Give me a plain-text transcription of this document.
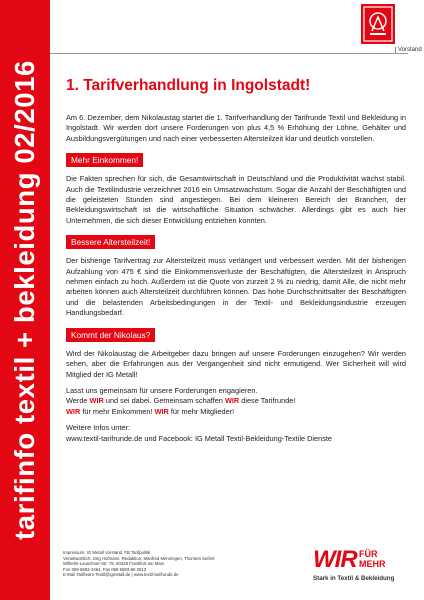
tarifinfo textil + bekleidung 02/2016
Vorstand
1. Tarifverhandlung in Ingolstadt!

Am 6. Dezember, dem Nikolaustag startet die 1. Tarifverhandlung der Tarifrunde Textil und Bekleidung in Ingolstadt. Wir werden dort unsere Forderungen von plus 4,5 % Erhöhung der Löhne, Gehälter und Ausbildungsvergütungen und nach einer verbesserten Altersteilzeit klar und deutlich vorstellen.

Mehr Einkommen!

Die Fakten sprechen für sich, die Gesamtwirtschaft in Deutschland und die Produktivität wächst stabil. Auch die Textilindustrie verzeichnet 2016 ein Umsatzwachstum. Sogar die Anzahl der Beschäftigten und die geleisteten Stunden sind angestiegen. Bei dem kleineren Bereich der Branchen, der Bekleidungswirtschaft ist die wirtschaftliche Situation schwächer. Allerdings gibt es auch hier Unternehmen, die sich dieser Entwicklung entziehen konnten.

Bessere Altersteilzeit!

Der bisherige Tarifvertrag zur Altersteilzeit muss verlängert und verbessert werden. Mit der bisherigen Aufzahlung von 475 € sind die Einkommensverluste der Beschäftigten, die Altersteilzeit in Anspruch nehmen einfach zu hoch. Außerdem ist die Quote von zurzeit 2 % zu niedrig, damit Alle, die nicht mehr arbeiten können auch Altersteilzeit durchführen können. Das hohe Durchschnittsalter der Beschäftigten und die belastenden Arbeitsbedingungen in der Textil- und Bekleidungsindustrie erzeugen Handlungsbedarf.

Kommt der Nikolaus?

Wird der Nikolaustag die Arbeitgeber dazu bringen auf unsere Forderungen einzugehen? Wir werden sehen, aber die Erfahrungen aus der Vergangenheit sind nicht ermutigend. Wer Sicherheit will wird Mitglied der IG Metall!

Lasst uns gemeinsam für unsere Forderungen engagieren.

Werde WIR und sei dabei. Gemeinsam schaffen WIR diese Tarifrunde!

WIR für mehr Einkommen! WIR für mehr Mitglieder!

Weitere Infos unter:

www.textil-tarifrunde.de und Facebook: IG Metall Textil-Bekleidung-Textile Dienste

Impressum: IG Metall Vorstand, FB Tarifpolitik
Verantwortlich: Jörg Hofmann, Redaktion: Manfred Menningen, Thorsten Seifert
Wilhelm-Leuschner-Str. 79, 60329 Frankfurt am Main
Fon 069 6693-2464, Fax 069 6693-80 2513
E-Mail Tarifteam-Textil@igmetall.de | www.textil-tarifrunde.de
WIR FÜR
MEHR
Stark in Textil & Bekleidung
